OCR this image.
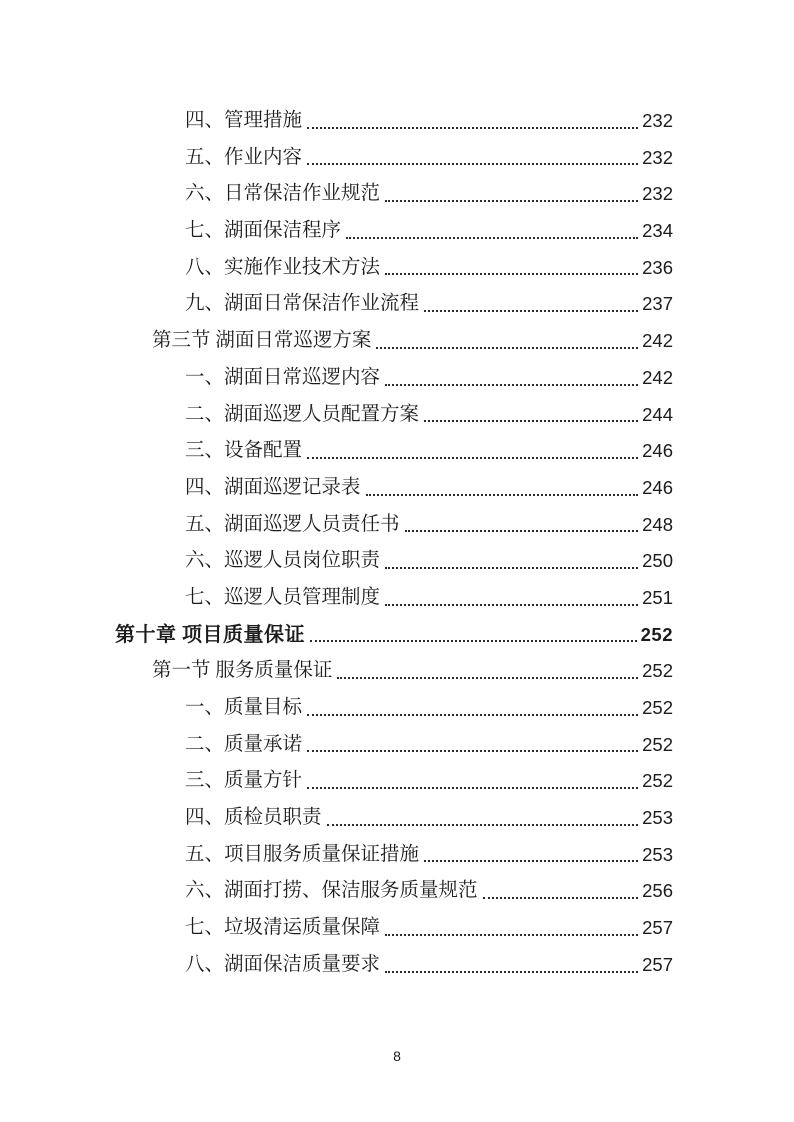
四、管理措施	232
五、作业内容	232
六、日常保洁作业规范	232
七、湖面保洁程序	234
八、实施作业技术方法	236
九、湖面日常保洁作业流程	237
第三节 湖面日常巡逻方案	242
一、湖面日常巡逻内容	242
二、湖面巡逻人员配置方案	244
三、设备配置	246
四、湖面巡逻记录表	246
五、湖面巡逻人员责任书	248
六、巡逻人员岗位职责	250
七、巡逻人员管理制度	251
第十章 项目质量保证	252
第一节 服务质量保证	252
一、质量目标	252
二、质量承诺	252
三、质量方针	252
四、质检员职责	253
五、项目服务质量保证措施	253
六、湖面打捞、保洁服务质量规范	256
七、垃圾清运质量保障	257
八、湖面保洁质量要求	257
8
